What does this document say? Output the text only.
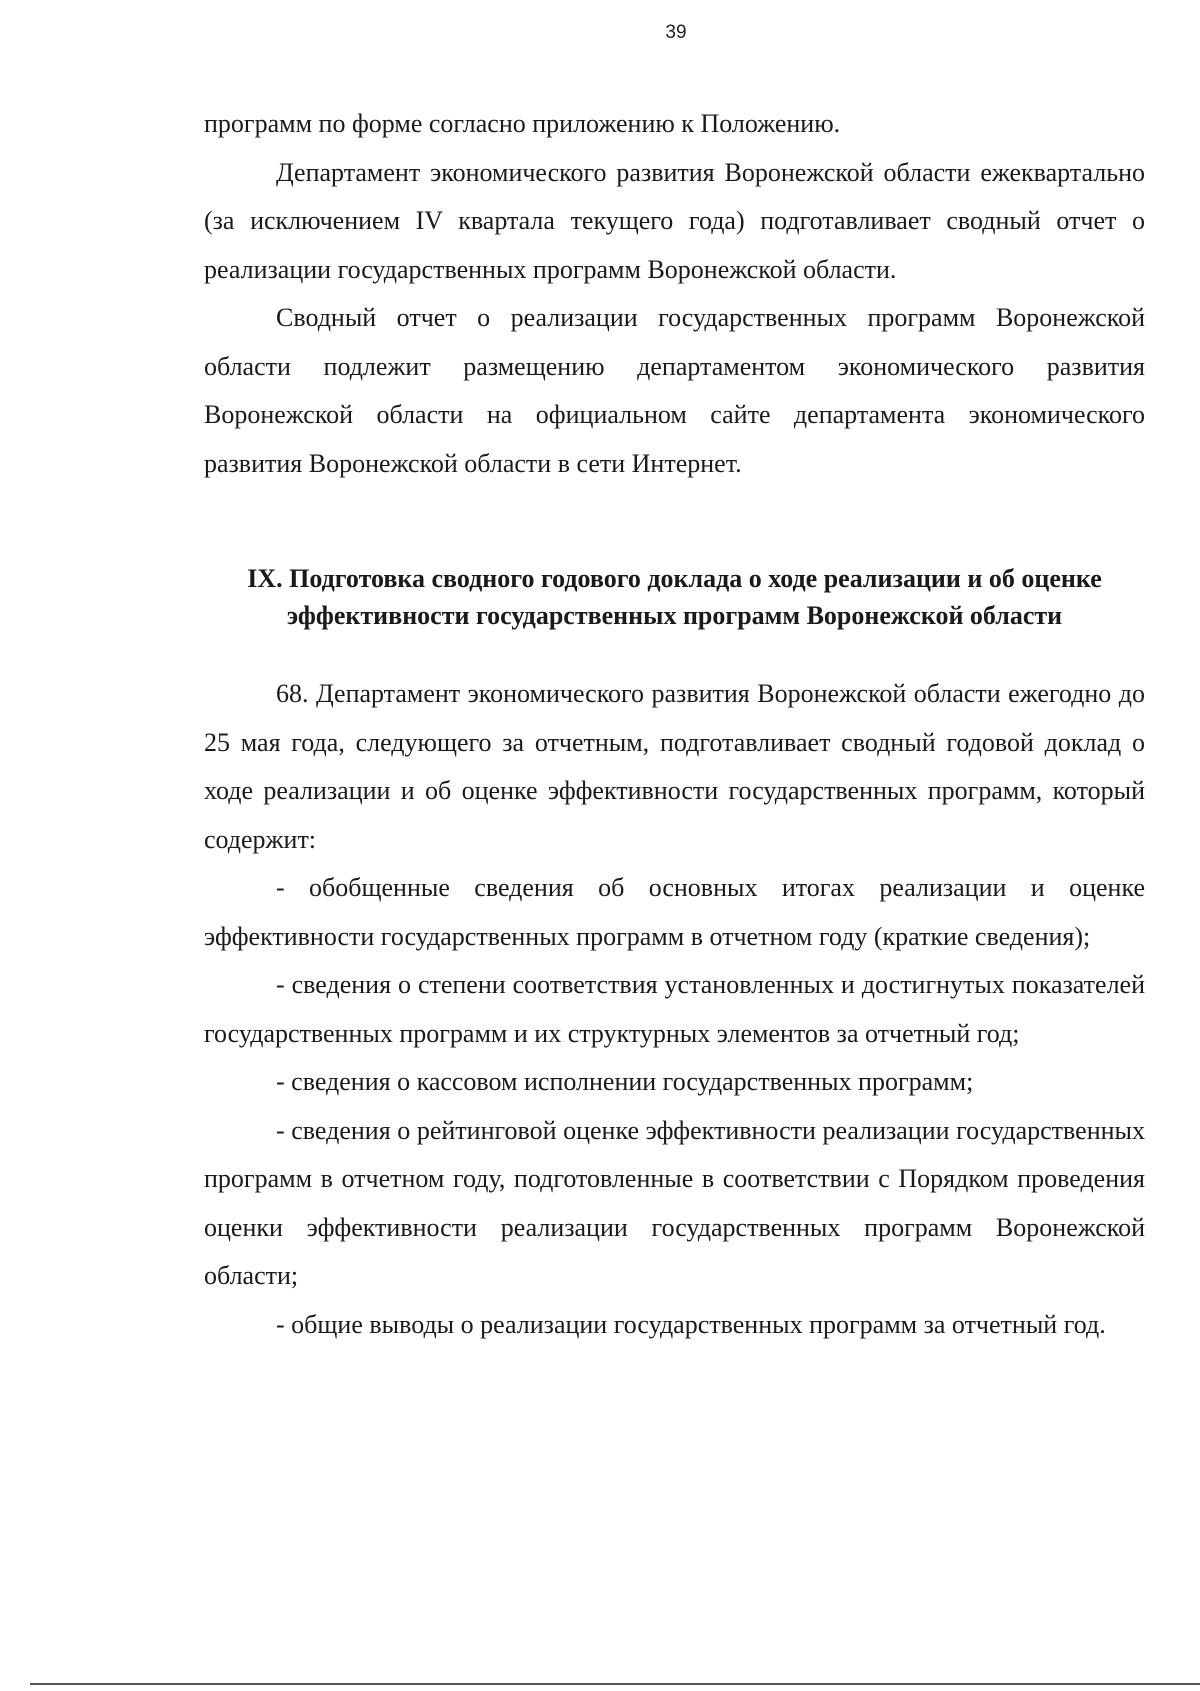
39

программ по форме согласно приложению к Положению.

Департамент экономического развития Воронежской области ежеквартально (за исключением IV квартала текущего года) подготавливает сводный отчет о реализации государственных программ Воронежской области.

Сводный отчет о реализации государственных программ Воронежской области подлежит размещению департаментом экономического развития Воронежской области на официальном сайте департамента экономического развития Воронежской области в сети Интернет.

IX. Подготовка сводного годового доклада о ходе реализации и об оценке
эффективности государственных программ Воронежской области

68. Департамент экономического развития Воронежской области ежегодно до 25 мая года, следующего за отчетным, подготавливает сводный годовой доклад о ходе реализации и об оценке эффективности государственных программ, который содержит:

- обобщенные сведения об основных итогах реализации и оценке эффективности государственных программ в отчетном году (краткие сведения);

- сведения о степени соответствия установленных и достигнутых показателей государственных программ и их структурных элементов за отчетный год;

- сведения о кассовом исполнении государственных программ;

- сведения о рейтинговой оценке эффективности реализации государственных программ в отчетном году, подготовленные в соответствии с Порядком проведения оценки эффективности реализации государственных программ Воронежской области;

- общие выводы о реализации государственных программ за отчетный год.
